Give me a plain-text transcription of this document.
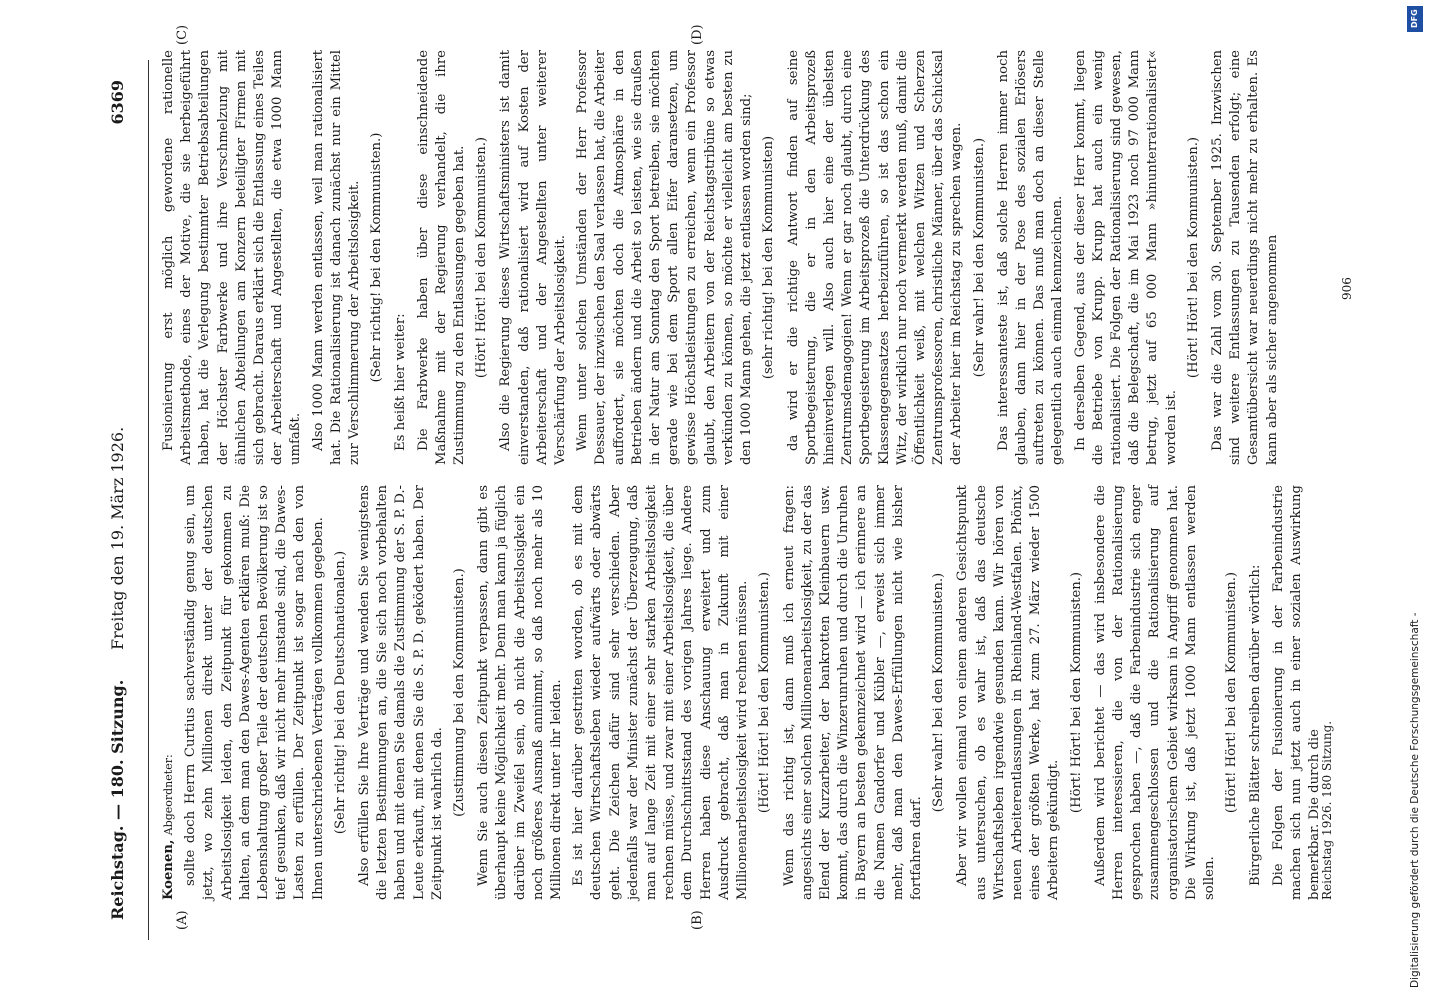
Reichstag. — 180. Sitzung.
Freitag den 19. März 1926.
6369
(A)	(B)
(C)	(D)

Koenen, Abgeordneter: sollte doch Herrn Curtius sachverständig genug sein, um jetzt, wo zehn Millionen direkt unter der deutschen Arbeitslosigkeit leiden, den Zeitpunkt für gekommen zu halten, an dem man den Dawes-Agenten erklären muß: Die Lebenshaltung großer Teile der deutschen Bevölkerung ist so tief gesunken, daß wir nicht mehr imstande sind, die Dawes-Lasten zu erfüllen. Der Zeitpunkt ist sogar nach den von Ihnen unterschriebenen Verträgen vollkommen gegeben. (Sehr richtig! bei den Deutschnationalen.) Also erfüllen Sie Ihre Verträge und wenden Sie wenigstens die letzten Bestimmungen an, die Sie sich noch vorbehalten haben und mit denen Sie damals die Zustimmung der S. P. D.-Leute erkauft, mit denen Sie die S. P. D. geködert haben. Der Zeitpunkt ist wahrlich da. (Zustimmung bei den Kommunisten.) Wenn Sie auch diesen Zeitpunkt verpassen, dann gibt es überhaupt keine Möglichkeit mehr. Denn man kann ja füglich darüber im Zweifel sein, ob nicht die Arbeitslosigkeit ein noch größeres Ausmaß annimmt, so daß noch mehr als 10 Millionen direkt unter ihr leiden. Es ist hier darüber gestritten worden, ob es mit dem deutschen Wirtschaftsleben wieder aufwärts oder abwärts geht. Die Zeichen dafür sind sehr verschieden. Aber jedenfalls war der Minister zunächst der Überzeugung, daß man auf lange Zeit mit einer sehr starken Arbeitslosigkeit rechnen müsse, und zwar mit einer Arbeitslosigkeit, die über dem Durchschnittsstand des vorigen Jahres liege. Andere Herren haben diese Anschauung erweitert und zum Ausdruck gebracht, daß man in Zukunft mit einer Millionenarbeitslosigkeit wird rechnen müssen. (Hört! Hört! bei den Kommunisten.) Wenn das richtig ist, dann muß ich erneut fragen: angesichts einer solchen Millionenarbeitslosigkeit, zu der das Elend der Kurzarbeiter, der bankrotten Kleinbauern usw. kommt, das durch die Winzerunruhen und durch die Unruhen in Bayern an besten gekennzeichnet wird — ich erinnere an die Namen Gandorfer und Kübler —, erweist sich immer mehr, daß man den Dawes-Erfüllungen nicht wie bisher fortfahren darf.

(Sehr wahr! bei den Kommunisten.) Aber wir wollen einmal von einem anderen Gesichtspunkt aus untersuchen, ob es wahr ist, daß das deutsche Wirtschaftsleben irgendwie gesunden kann. Wir hören von neuen Arbeiterentlassungen in Rheinland-Westfalen. Phönix, eines der größten Werke, hat zum 27. März wieder 1500 Arbeitern gekündigt.

(Hört! Hört! bei den Kommunisten.) Außerdem wird berichtet — das wird insbesondere die Herren interessieren, die von der Rationalisierung gesprochen haben —, daß die Farbenindustrie sich enger zusammengeschlossen und die Rationalisierung auf organisatorischem Gebiet wirksam in Angriff genommen hat. Die Wirkung ist, daß jetzt 1000 Mann entlassen werden sollen.

(Hört! Hört! bei den Kommunisten.) Bürgerliche Blätter schreiben darüber wörtlich: Die Folgen der Fusionierung in der Farbenindustrie machen sich nun jetzt auch in einer sozialen Auswirkung bemerkbar. Die durch die

Fusionierung erst möglich gewordene rationelle Arbeitsmethode, eines der Motive, die sie herbeigeführt haben, hat die Verlegung bestimmter Betriebsabteilungen der Höchster Farbwerke und ihre Verschmelzung mit ähnlichen Abteilungen am Konzern beteiligter Firmen mit sich gebracht. Daraus erklärt sich die Entlassung eines Teiles der Arbeiterschaft und Angestellten, die etwa 1000 Mann umfaßt. Also 1000 Mann werden entlassen, weil man rationalisiert hat. Die Rationalisierung ist danach zunächst nur ein Mittel zur Verschlimmerung der Arbeitslosigkeit. (Sehr richtig! bei den Kommunisten.) Es heißt hier weiter: Die Farbwerke haben über diese einschneidende Maßnahme mit der Regierung verhandelt, die ihre Zustimmung zu den Entlassungen gegeben hat. (Hört! Hört! bei den Kommunisten.) Also die Regierung dieses Wirtschaftsministers ist damit einverstanden, daß rationalisiert wird auf Kosten der Arbeiterschaft und der Angestellten unter weiterer Verschärfung der Arbeitslosigkeit. Wenn unter solchen Umständen der Herr Professor Dessauer, der inzwischen den Saal verlassen hat, die Arbeiter auffordert, sie möchten doch die Atmosphäre in den Betrieben ändern und die Arbeit so leisten, wie sie draußen in der Natur am Sonntag den Sport betreiben, sie möchten gerade wie bei dem Sport allen Eifer daransetzen, um gewisse Höchstleistungen zu erreichen, wenn ein Professor glaubt, den Arbeitern von der Reichstagstribüne so etwas verkünden zu können, so möchte er vielleicht am besten zu den 1000 Mann gehen, die jetzt entlassen worden sind; (sehr richtig! bei den Kommunisten) da wird er die richtige Antwort finden auf seine Sportbegeisterung, die er in den Arbeitsprozeß hineinverlegen will. Also auch hier eine der übelsten Zentrumsdemagogien! Wenn er gar noch glaubt, durch eine Sportbegeisterung im Arbeitsprozeß die Unterdrückung des Klassengegensatzes herbeizuführen, so ist das schon ein Witz, der wirklich nur noch vermerkt werden muß, damit die Öffentlichkeit weiß, mit welchen Witzen und Scherzen Zentrumsprofessoren, christliche Männer, über das Schicksal der Arbeiter hier im Reichstag zu sprechen wagen. (Sehr wahr! bei den Kommunisten.) Das interessanteste ist, daß solche Herren immer noch glauben, dann hier in der Pose des sozialen Erlösers auftreten zu können. Das muß man doch an dieser Stelle gelegentlich auch einmal kennzeichnen. In derselben Gegend, aus der dieser Herr kommt, liegen die Betriebe von Krupp. Krupp hat auch ein wenig rationalisiert. Die Folgen der Rationalisierung sind gewesen, daß die Belegschaft, die im Mai 1923 noch 97 000 Mann betrug, jetzt auf 65 000 Mann »hinunterrationalisiert« worden ist.

(Hört! Hört! bei den Kommunisten.) Das war die Zahl vom 30. September 1925. Inzwischen sind weitere Entlassungen zu Tausenden erfolgt; eine Gesamtübersicht war neuerdings nicht mehr zu erhalten. Es kann aber als sicher angenommen

Reichstag 1926. 180 Sitzung.
906
Digitalisierung gefördert durch die Deutsche Forschungsgemeinschaft -
DFG
